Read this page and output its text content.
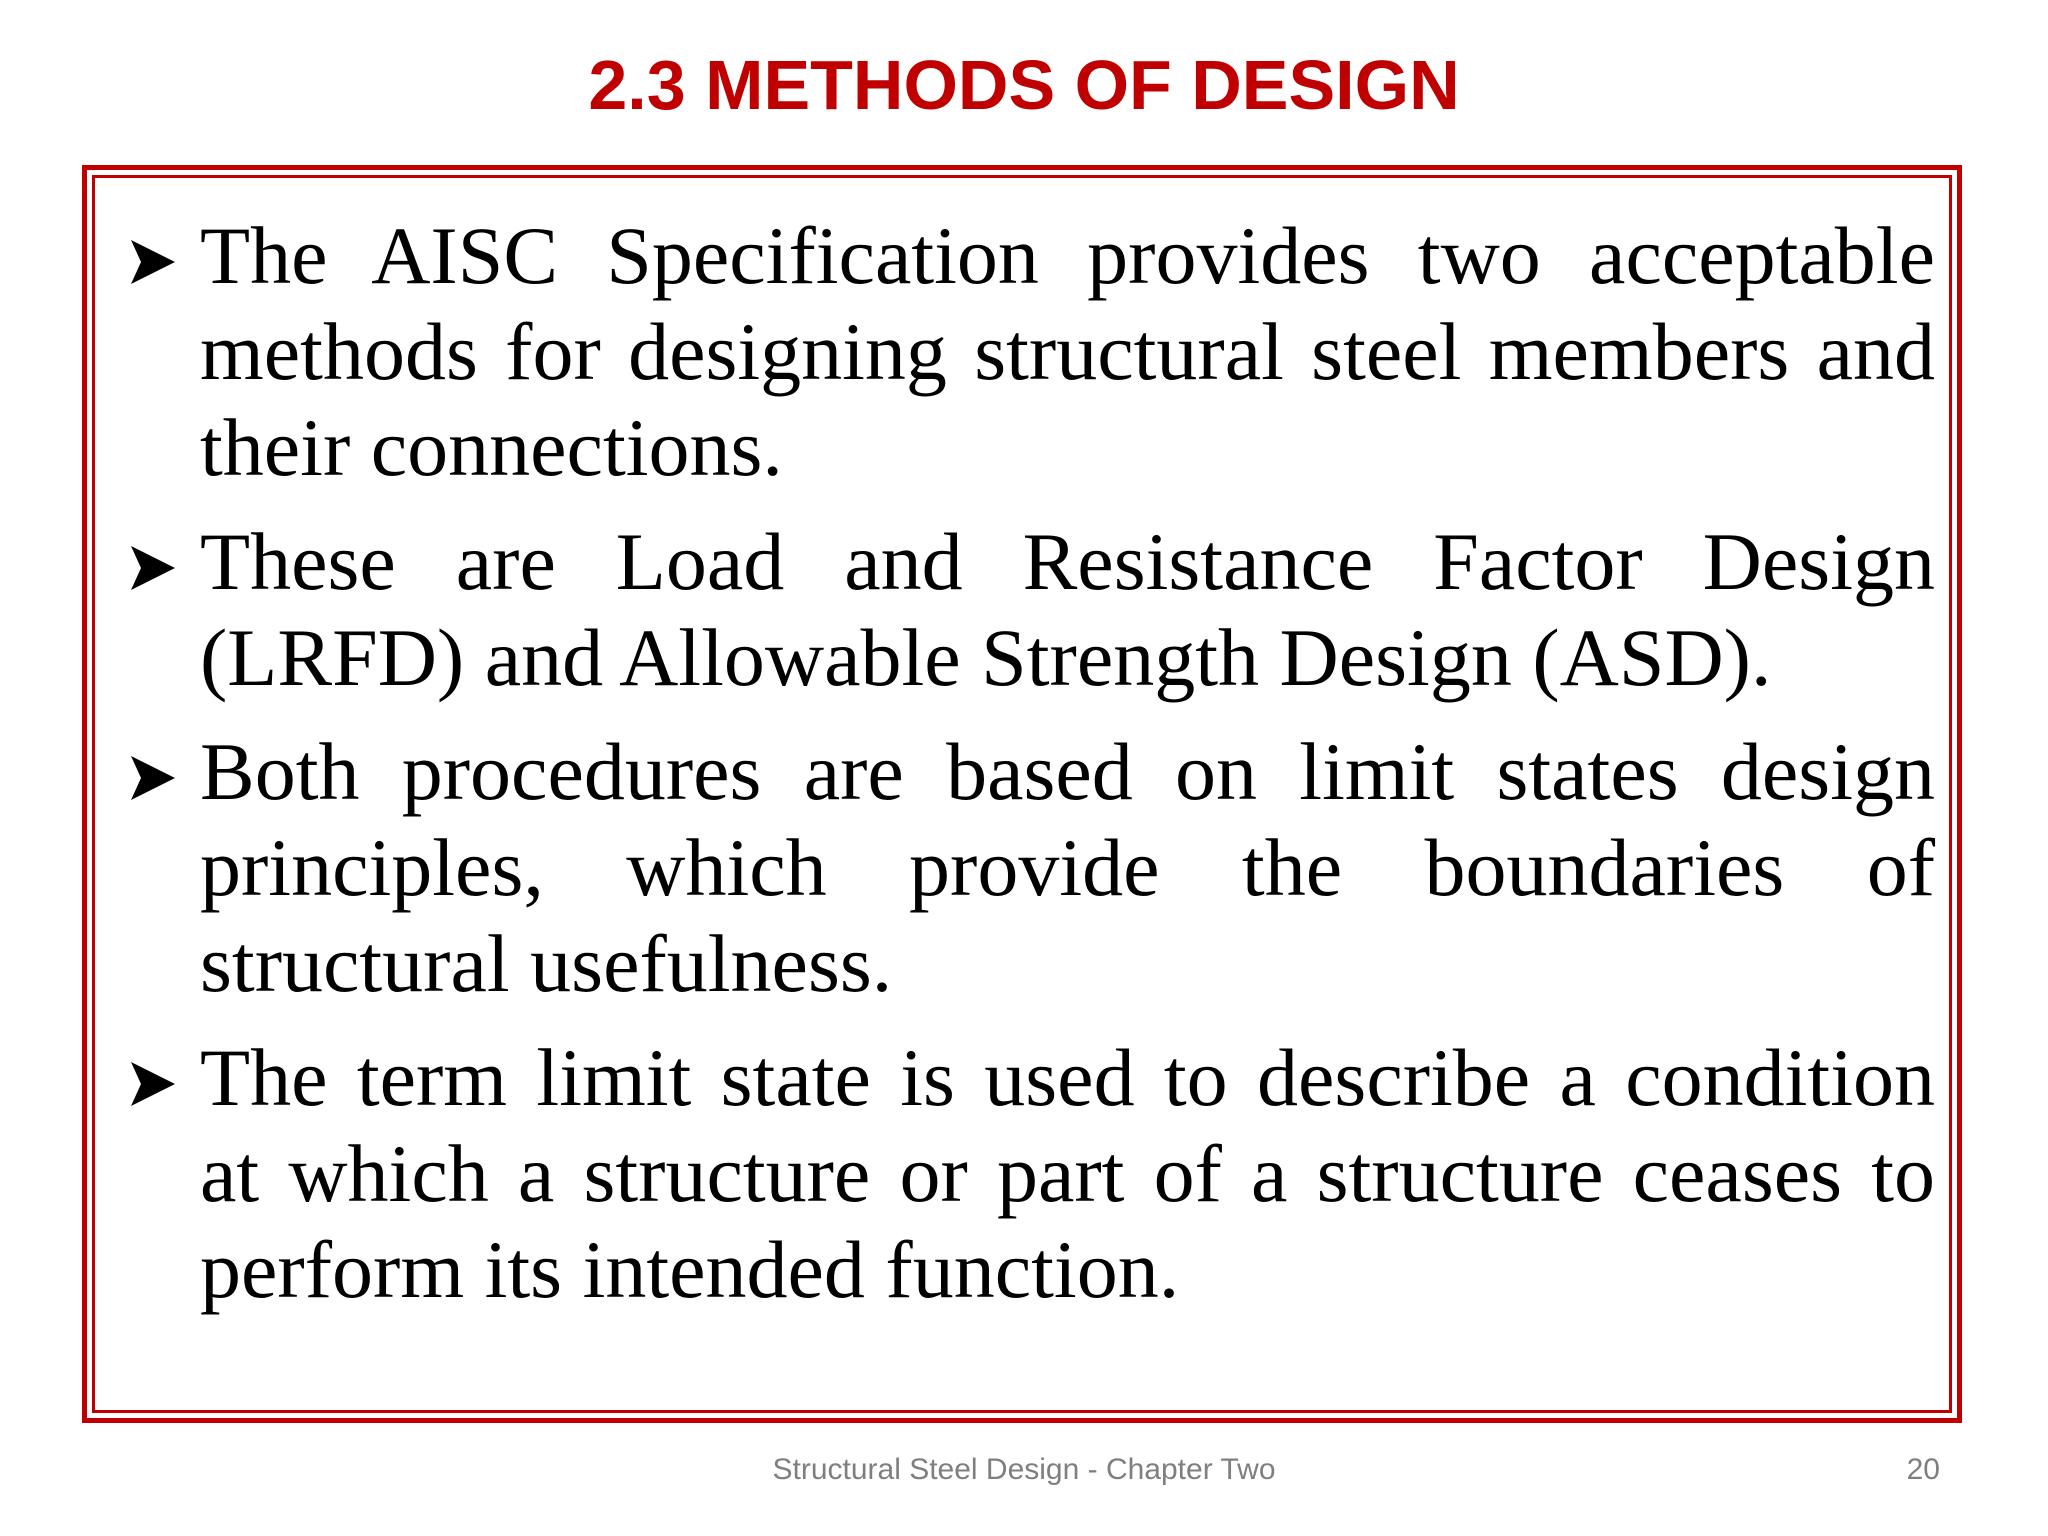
2.3 METHODS OF DESIGN
The AISC Specification provides two acceptable methods for designing structural steel members and their connections.
These are Load and Resistance Factor Design (LRFD) and Allowable Strength Design (ASD).
Both procedures are based on limit states design principles, which provide the boundaries of structural usefulness.
The term limit state is used to describe a condition at which a structure or part of a structure ceases to perform its intended function.
Structural Steel Design - Chapter Two	20
